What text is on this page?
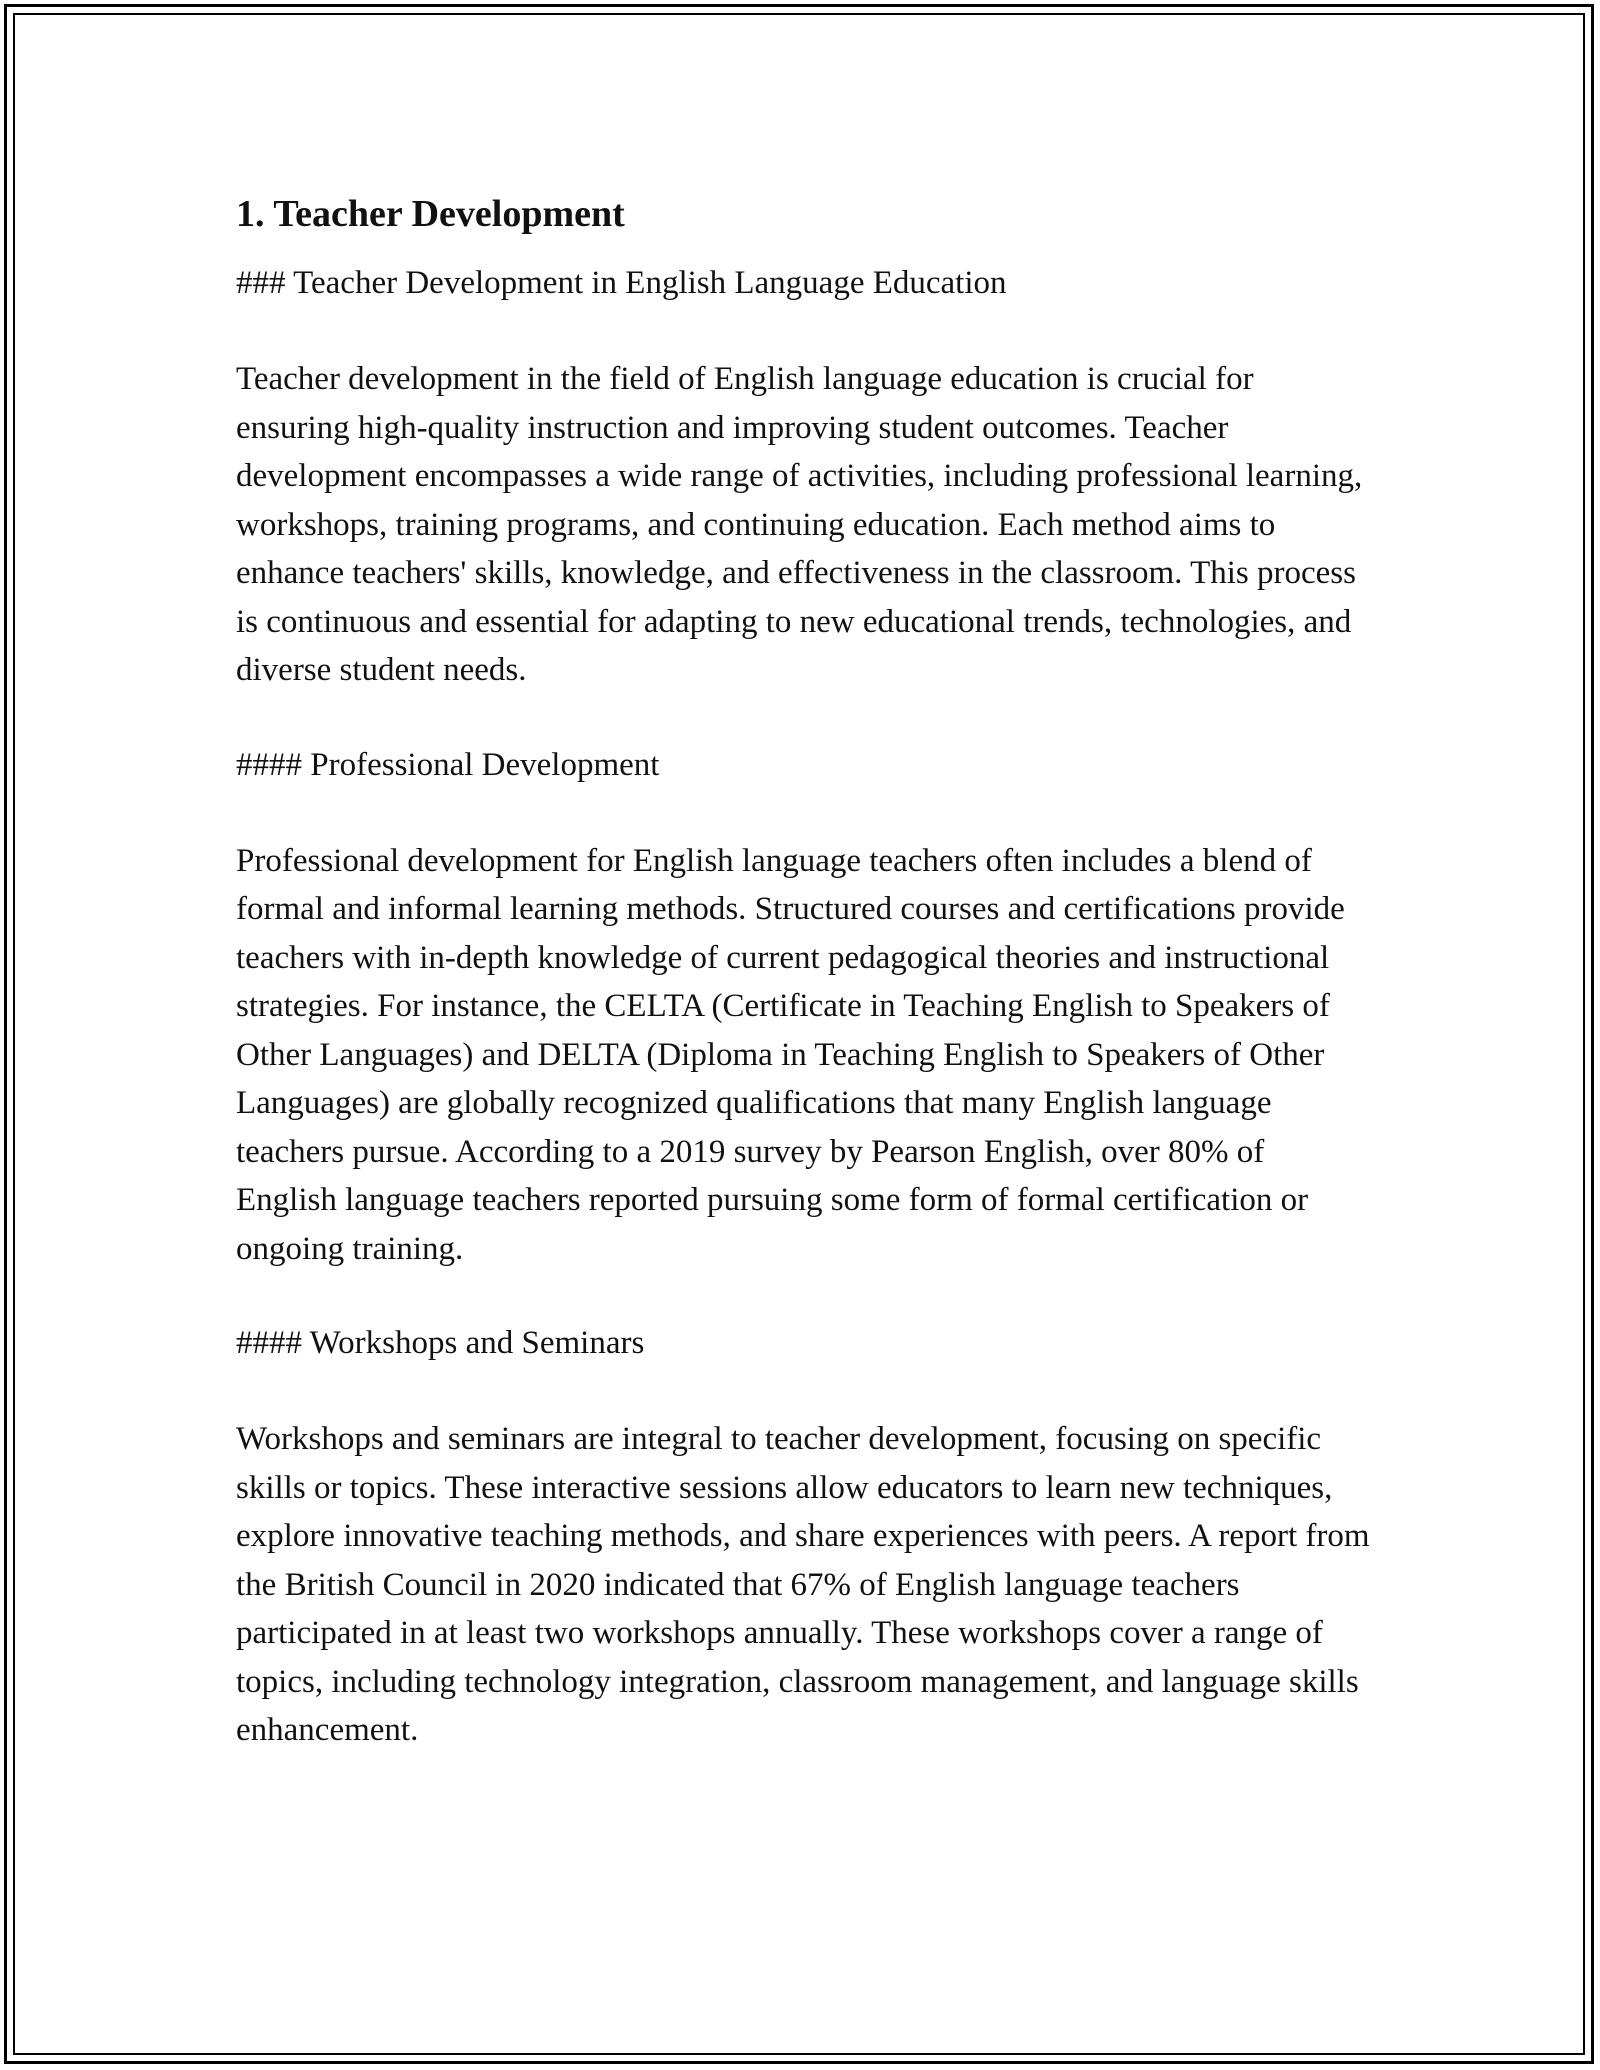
1. Teacher Development

### Teacher Development in English Language Education

Teacher development in the field of English language education is crucial for ensuring high-quality instruction and improving student outcomes. Teacher development encompasses a wide range of activities, including professional learning, workshops, training programs, and continuing education. Each method aims to enhance teachers' skills, knowledge, and effectiveness in the classroom. This process is continuous and essential for adapting to new educational trends, technologies, and diverse student needs.

#### Professional Development

Professional development for English language teachers often includes a blend of formal and informal learning methods. Structured courses and certifications provide teachers with in-depth knowledge of current pedagogical theories and instructional strategies. For instance, the CELTA (Certificate in Teaching English to Speakers of Other Languages) and DELTA (Diploma in Teaching English to Speakers of Other Languages) are globally recognized qualifications that many English language teachers pursue. According to a 2019 survey by Pearson English, over 80% of English language teachers reported pursuing some form of formal certification or ongoing training.

#### Workshops and Seminars

Workshops and seminars are integral to teacher development, focusing on specific skills or topics. These interactive sessions allow educators to learn new techniques, explore innovative teaching methods, and share experiences with peers. A report from the British Council in 2020 indicated that 67% of English language teachers participated in at least two workshops annually. These workshops cover a range of topics, including technology integration, classroom management, and language skills enhancement.
